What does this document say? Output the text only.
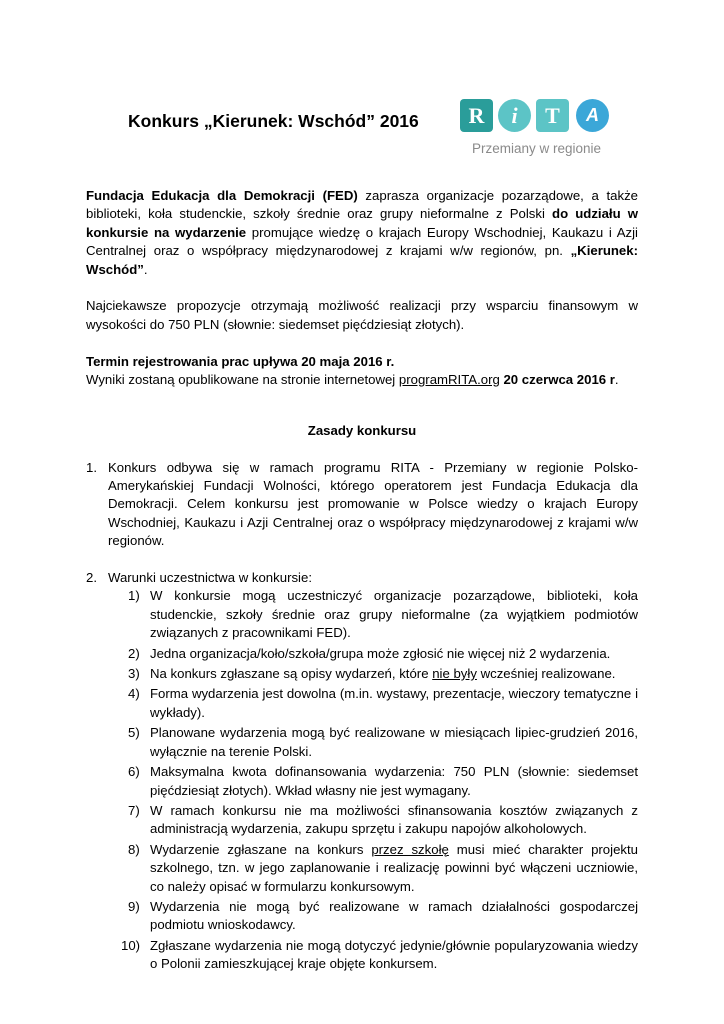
Konkurs „Kierunek: Wschód” 2016	R	i	T	A
Przemiany w regionie

Fundacja Edukacja dla Demokracji (FED) zaprasza organizacje pozarządowe, a także biblioteki, koła studenckie, szkoły średnie oraz grupy nieformalne z Polski do udziału w konkursie na wydarzenie promujące wiedzę o krajach Europy Wschodniej, Kaukazu i Azji Centralnej oraz o współpracy międzynarodowej z krajami w/w regionów, pn. „Kierunek: Wschód”.

Najciekawsze propozycje otrzymają możliwość realizacji przy wsparciu finansowym w wysokości do 750 PLN (słownie: siedemset pięćdziesiąt złotych).

Termin rejestrowania prac upływa 20 maja 2016 r.

Wyniki zostaną opublikowane na stronie internetowej programRITA.org 20 czerwca 2016 r.

Zasady konkursu

1. Konkurs odbywa się w ramach programu RITA - Przemiany w regionie Polsko-Amerykańskiej Fundacji Wolności, którego operatorem jest Fundacja Edukacja dla Demokracji. Celem konkursu jest promowanie w Polsce wiedzy o krajach Europy Wschodniej, Kaukazu i Azji Centralnej oraz o współpracy międzynarodowej z krajami w/w regionów.
2. Warunki uczestnictwa w konkursie:
1) W konkursie mogą uczestniczyć organizacje pozarządowe, biblioteki, koła studenckie, szkoły średnie oraz grupy nieformalne (za wyjątkiem podmiotów związanych z pracownikami FED).
2) Jedna organizacja/koło/szkoła/grupa może zgłosić nie więcej niż 2 wydarzenia.
3) Na konkurs zgłaszane są opisy wydarzeń, które nie były wcześniej realizowane.
4) Forma wydarzenia jest dowolna (m.in. wystawy, prezentacje, wieczory tematyczne i wykłady).
5) Planowane wydarzenia mogą być realizowane w miesiącach lipiec-grudzień 2016, wyłącznie na terenie Polski.
6) Maksymalna kwota dofinansowania wydarzenia: 750 PLN (słownie: siedemset pięćdziesiąt złotych). Wkład własny nie jest wymagany.
7) W ramach konkursu nie ma możliwości sfinansowania kosztów związanych z administracją wydarzenia, zakupu sprzętu i zakupu napojów alkoholowych.
8) Wydarzenie zgłaszane na konkurs przez szkołę musi mieć charakter projektu szkolnego, tzn. w jego zaplanowanie i realizację powinni być włączeni uczniowie, co należy opisać w formularzu konkursowym.
9) Wydarzenia nie mogą być realizowane w ramach działalności gospodarczej podmiotu wnioskodawcy.
10) Zgłaszane wydarzenia nie mogą dotyczyć jedynie/głównie popularyzowania wiedzy o Polonii zamieszkującej kraje objęte konkursem.
